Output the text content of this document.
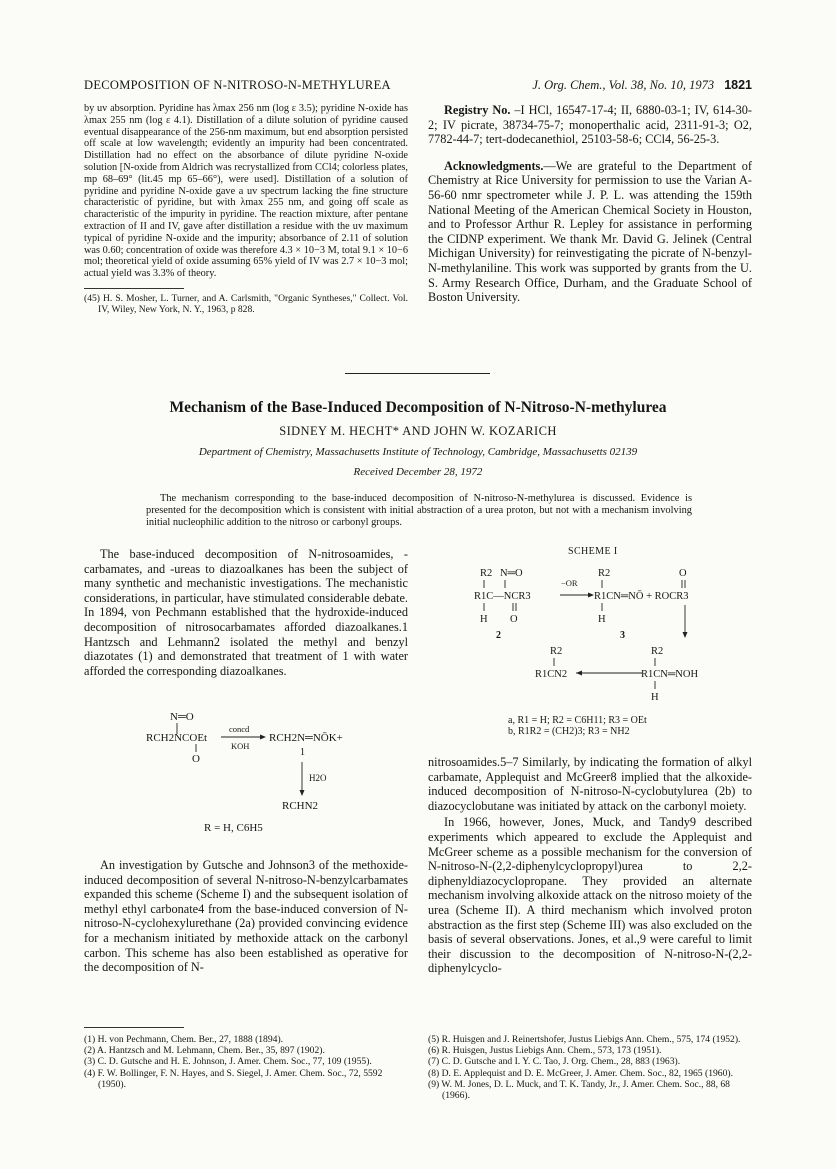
DECOMPOSITION OF N-NITROSO-N-METHYLUREA	J. Org. Chem., Vol. 38, No. 10, 1973 1821

by uv absorption. Pyridine has λmax 256 nm (log ε 3.5); pyridine N-oxide has λmax 255 nm (log ε 4.1). Distillation of a dilute solution of pyridine caused eventual disappearance of the 256-nm maximum, but end absorption persisted off scale at low wavelength; evidently an impurity had been concentrated. Distillation had no effect on the absorbance of dilute pyridine N-oxide solution [N-oxide from Aldrich was recrystallized from CCl4; colorless plates, mp 68–69° (lit.45 mp 65–66°), were used]. Distillation of a solution of pyridine and pyridine N-oxide gave a uv spectrum lacking the fine structure characteristic of pyridine, but with λmax 255 nm, and going off scale as characteristic of the impurity in pyridine. The reaction mixture, after pentane extraction of II and IV, gave after distillation a residue with the uv maximum typical of pyridine N-oxide and the impurity; absorbance of 2.11 of solution was 0.60; concentration of oxide was therefore 4.3 × 10−3 M, total 9.1 × 10−6 mol; theoretical yield of oxide assuming 65% yield of IV was 2.7 × 10−3 mol; actual yield was 3.3% of theory.

(45) H. S. Mosher, L. Turner, and A. Carlsmith, "Organic Syntheses," Collect. Vol. IV, Wiley, New York, N. Y., 1963, p 828.

Registry No. –I HCl, 16547-17-4; II, 6880-03-1; IV, 614-30-2; IV picrate, 38734-75-7; monoperthalic acid, 2311-91-3; O2, 7782-44-7; tert-dodecanethiol, 25103-58-6; CCl4, 56-25-3.

Acknowledgments.—We are grateful to the Department of Chemistry at Rice University for permission to use the Varian A-56-60 nmr spectrometer while J. P. L. was attending the 159th National Meeting of the American Chemical Society in Houston, and to Professor Arthur R. Lepley for assistance in performing the CIDNP experiment. We thank Mr. David G. Jelinek (Central Michigan University) for reinvestigating the picrate of N-benzyl-N-methylaniline. This work was supported by grants from the U. S. Army Research Office, Durham, and the Graduate School of Boston University.

Mechanism of the Base-Induced Decomposition of N-Nitroso-N-methylurea
SIDNEY M. HECHT* AND JOHN W. KOZARICH
Department of Chemistry, Massachusetts Institute of Technology, Cambridge, Massachusetts 02139
Received December 28, 1972
The mechanism corresponding to the base-induced decomposition of N-nitroso-N-methylurea is discussed. Evidence is presented for the decomposition which is consistent with initial abstraction of a urea proton, but not with a mechanism involving initial nucleophilic addition to the nitroso or carbonyl groups.
The base-induced decomposition of N-nitrosoamides, -carbamates, and -ureas to diazoalkanes has been the subject of many synthetic and mechanistic investigations. The mechanistic considerations, in particular, have stimulated considerable debate. In 1894, von Pechmann established that the hydroxide-induced decomposition of nitrosocarbamates afforded diazoalkanes.1 Hantzsch and Lehmann2 isolated the methyl and benzyl diazotates (1) and demonstrated that treatment of 1 with water afforded the corresponding diazoalkanes.
N═O
RCH2NCOEt
O
concd
KOH
RCH2N═NŌK+
1
H2O
RCHN2
R = H, C6H5
An investigation by Gutsche and Johnson3 of the methoxide-induced decomposition of several N-nitroso-N-benzylcarbamates expanded this scheme (Scheme I) and the subsequent isolation of methyl ethyl carbonate4 from the base-induced conversion of N-nitroso-N-cyclohexylurethane (2a) provided convincing evidence for a mechanism initiated by methoxide attack on the carbonyl carbon. This scheme has also been established as operative for the decomposition of N-

(1) H. von Pechmann, Chem. Ber., 27, 1888 (1894).

(2) A. Hantzsch and M. Lehmann, Chem. Ber., 35, 897 (1902).

(3) C. D. Gutsche and H. E. Johnson, J. Amer. Chem. Soc., 77, 109 (1955).

(4) F. W. Bollinger, F. N. Hayes, and S. Siegel, J. Amer. Chem. Soc., 72, 5592 (1950).

SCHEME I
R2 N═O	R2	O
−OR
R1C—NCR3	R1CN═NŌ + ROCR3
H O	H
2	3
R2	R2
R1CN2	R1CN═NOH
H

a, R1 = H; R2 = C6H11; R3 = OEt

b, R1R2 = (CH2)3; R3 = NH2

nitrosoamides.5–7 Similarly, by indicating the formation of alkyl carbamate, Applequist and McGreer8 implied that the alkoxide-induced decomposition of N-nitroso-N-cyclobutylurea (2b) to diazocyclobutane was initiated by attack on the carbonyl moiety.

In 1966, however, Jones, Muck, and Tandy9 described experiments which appeared to exclude the Applequist and McGreer scheme as a possible mechanism for the conversion of N-nitroso-N-(2,2-diphenylcyclopropyl)urea to 2,2-diphenyldiazocyclopropane. They provided an alternate mechanism involving alkoxide attack on the nitroso moiety of the urea (Scheme II). A third mechanism which involved proton abstraction as the first step (Scheme III) was also excluded on the basis of several observations. Jones, et al.,9 were careful to limit their discussion to the decomposition of N-nitroso-N-(2,2-diphenylcyclo-

(5) R. Huisgen and J. Reinertshofer, Justus Liebigs Ann. Chem., 575, 174 (1952).

(6) R. Huisgen, Justus Liebigs Ann. Chem., 573, 173 (1951).

(7) C. D. Gutsche and I. Y. C. Tao, J. Org. Chem., 28, 883 (1963).

(8) D. E. Applequist and D. E. McGreer, J. Amer. Chem. Soc., 82, 1965 (1960).

(9) W. M. Jones, D. L. Muck, and T. K. Tandy, Jr., J. Amer. Chem. Soc., 88, 68 (1966).
